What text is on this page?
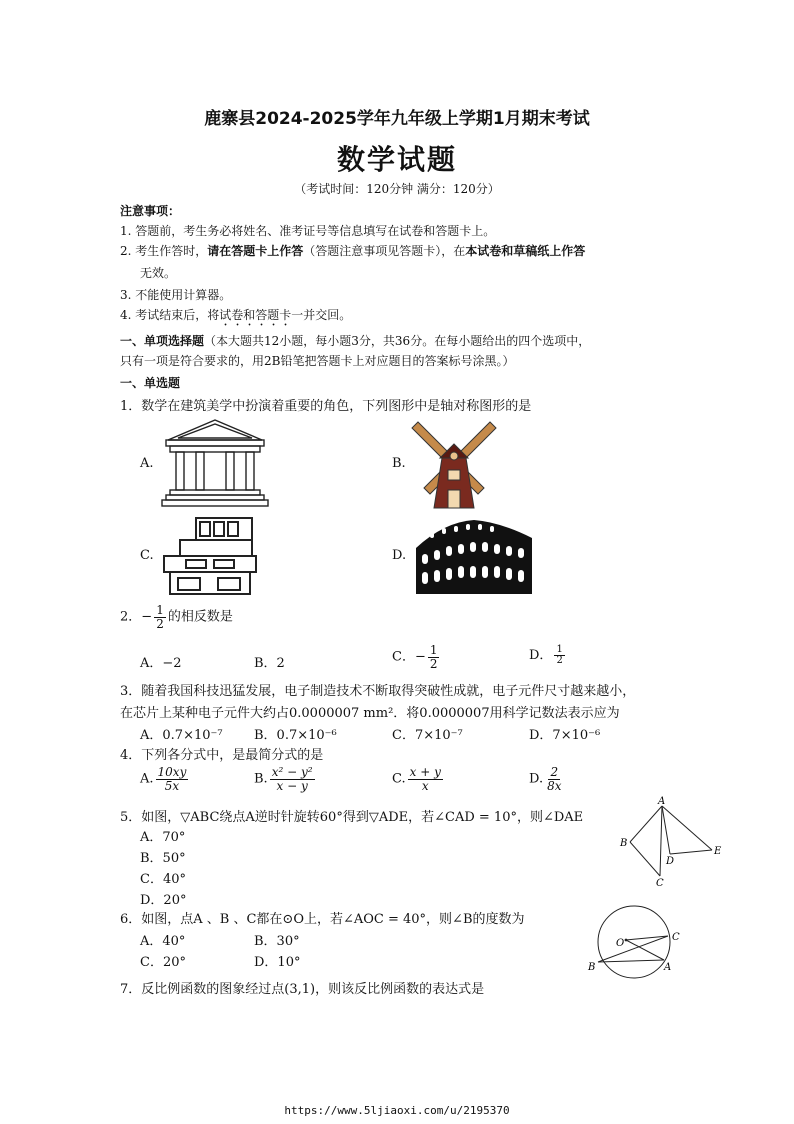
鹿寨县2024-2025学年九年级上学期1月期末考试
数学试题
（考试时间：120分钟 满分：120分）
注意事项：
1. 答题前，考生务必将姓名、准考证号等信息填写在试卷和答题卡上。
2. 考生作答时，请在答题卡上作答（答题注意事项见答题卡），在本试卷和草稿纸上作答
无效。
3. 不能使用计算器。
4. 考试结束后，将试卷和答题卡一并交回。
一、单项选择题（本大题共12小题，每小题3分，共36分。在每小题给出的四个选项中，
只有一项是符合要求的，用2B铅笔把答题卡上对应题目的答案标号涂黑。）
一、单选题
1．数学在建筑美学中扮演着重要的角色，下列图形中是轴对称图形的是
A.	B.
C.	D.
2．− $\frac{1}{2}$ 的相反数是
A．−2	B．2	C．− $\frac{1}{2}$	D． $\frac{1}{2}$
3．随着我国科技迅猛发展，电子制造技术不断取得突破性成就，电子元件尺寸越来越小，
在芯片上某种电子元件大约占0.0000007 mm²．将0.0000007用科学记数法表示应为
A．0.7×10⁻⁷ B．0.7×10⁻⁶	C．7×10⁻⁷	D．7×10⁻⁶
4．下列各分式中，是最简分式的是
A. $\frac{10xy}{5x}$	B. $\frac{\text{x² − y²}}{x - y}$	C. $\frac{x + y}{x}$	D. $\frac{2}{8x}$
5．如图，▽ABC绕点A逆时针旋转60°得到▽ADE，若∠CAD = 10°，则∠DAE
A．70°
B．50°
C．40°
D．20°
A
B
D
E
C
6．如图，点A 、B 、C都在⊙O上，若∠AOC = 40°，则∠B的度数为
A．40°	B．30°
C．20°	D．10°
O
C
B	A
7．反比例函数的图象经过点(3,1)，则该反比例函数的表达式是
https://www.5ljiaoxi.com/u/2195370
